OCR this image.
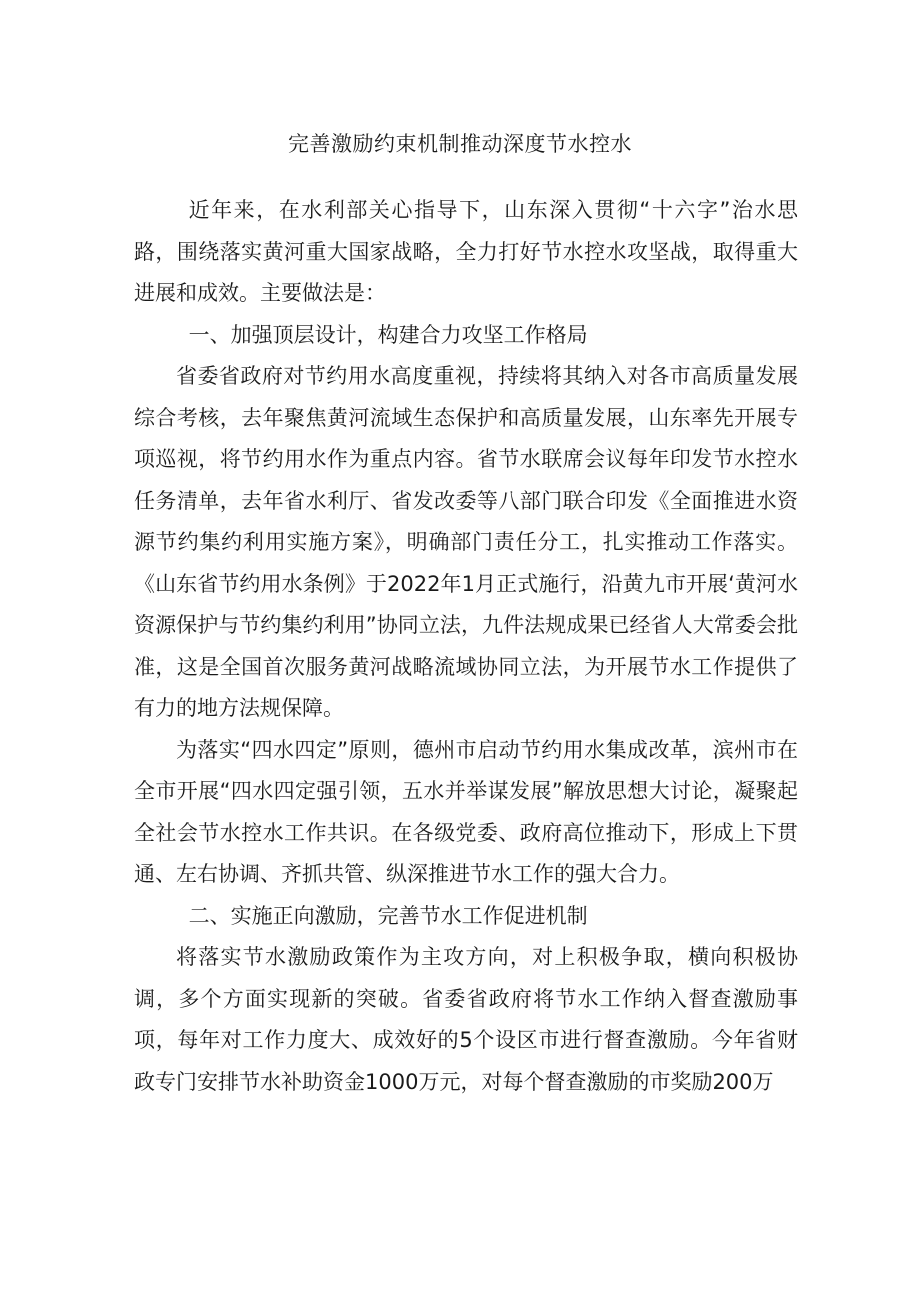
完善激励约束机制推动深度节水控水

近年来，在水利部关心指导下，山东深入贯彻“十六字”治水思路，围绕落实黄河重大国家战略，全力打好节水控水攻坚战，取得重大进展和成效。主要做法是：

一、加强顶层设计，构建合力攻坚工作格局

省委省政府对节约用水高度重视，持续将其纳入对各市高质量发展综合考核，去年聚焦黄河流域生态保护和高质量发展，山东率先开展专项巡视，将节约用水作为重点内容。省节水联席会议每年印发节水控水任务清单，去年省水利厅、省发改委等八部门联合印发《全面推进水资源节约集约利用实施方案》，明确部门责任分工，扎实推动工作落实。《山东省节约用水条例》于2022年1月正式施行，沿黄九市开展‘黄河水资源保护与节约集约利用”协同立法，九件法规成果已经省人大常委会批准，这是全国首次服务黄河战略流域协同立法，为开展节水工作提供了有力的地方法规保障。

为落实“四水四定”原则，德州市启动节约用水集成改革，滨州市在全市开展“四水四定强引领，五水并举谋发展”解放思想大讨论，凝聚起全社会节水控水工作共识。在各级党委、政府高位推动下，形成上下贯通、左右协调、齐抓共管、纵深推进节水工作的强大合力。

二、实施正向激励，完善节水工作促进机制

将落实节水激励政策作为主攻方向，对上积极争取，横向积极协调，多个方面实现新的突破。省委省政府将节水工作纳入督查激励事项，每年对工作力度大、成效好的5个设区市进行督查激励。今年省财政专门安排节水补助资金1000万元，对每个督查激励的市奖励200万
